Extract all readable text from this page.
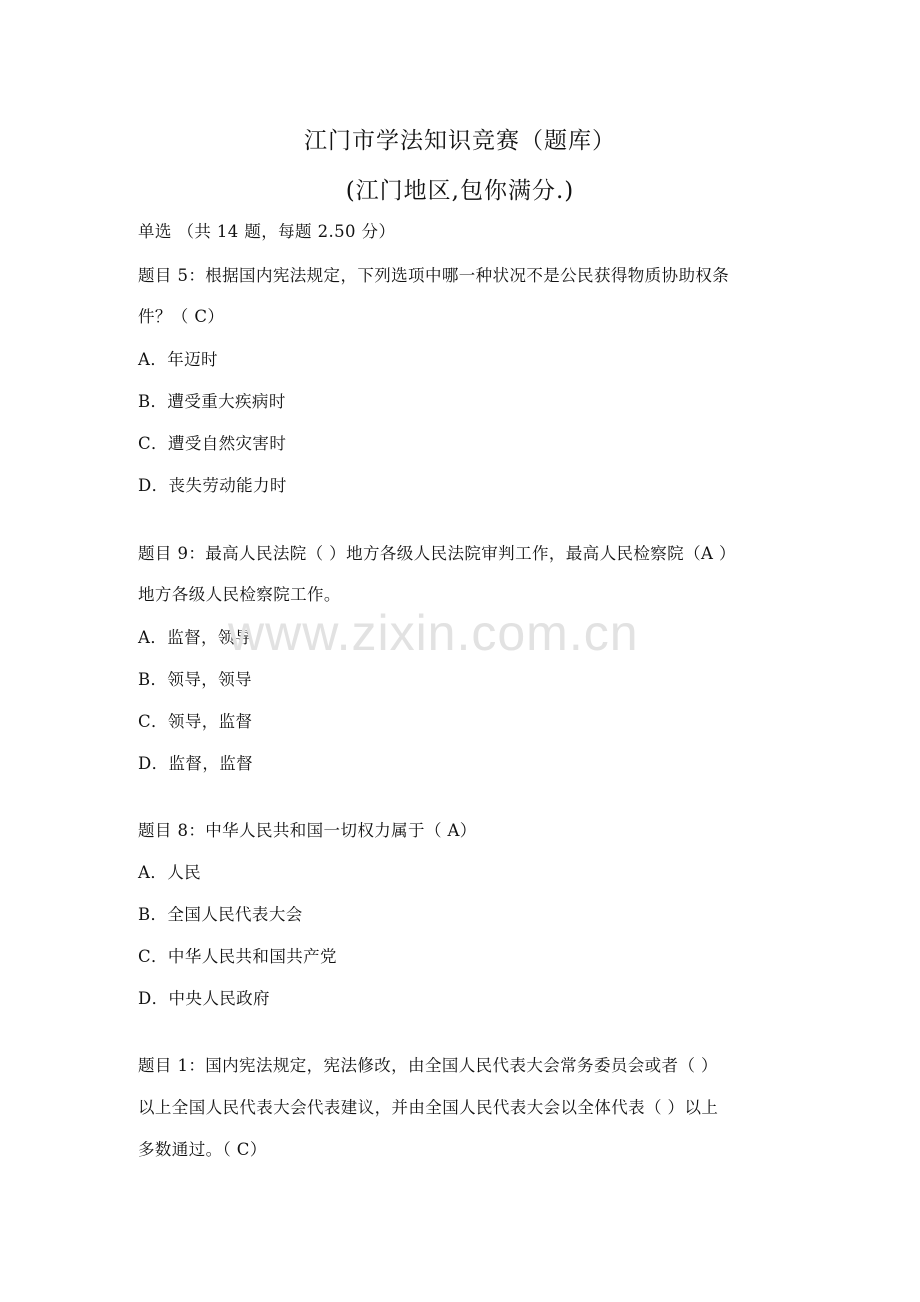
江门市学法知识竞赛（题库）
(江门地区,包你满分.)
单选 （共 14 题，每题 2.50 分）
题目 5：根据国内宪法规定，下列选项中哪一种状况不是公民获得物质协助权条
件？（ C）
A．年迈时
B．遭受重大疾病时
C．遭受自然灾害时
D．丧失劳动能力时
题目 9：最高人民法院（ ）地方各级人民法院审判工作，最高人民检察院（A ）
地方各级人民检察院工作。
A．监督，领导
B．领导，领导
C．领导，监督
D．监督，监督
题目 8：中华人民共和国一切权力属于（ A）
A．人民
B．全国人民代表大会
C．中华人民共和国共产党
D．中央人民政府
题目 1：国内宪法规定，宪法修改，由全国人民代表大会常务委员会或者（ ）
以上全国人民代表大会代表建议，并由全国人民代表大会以全体代表（ ）以上
多数通过。（ C）
www.zixin.com.cn
